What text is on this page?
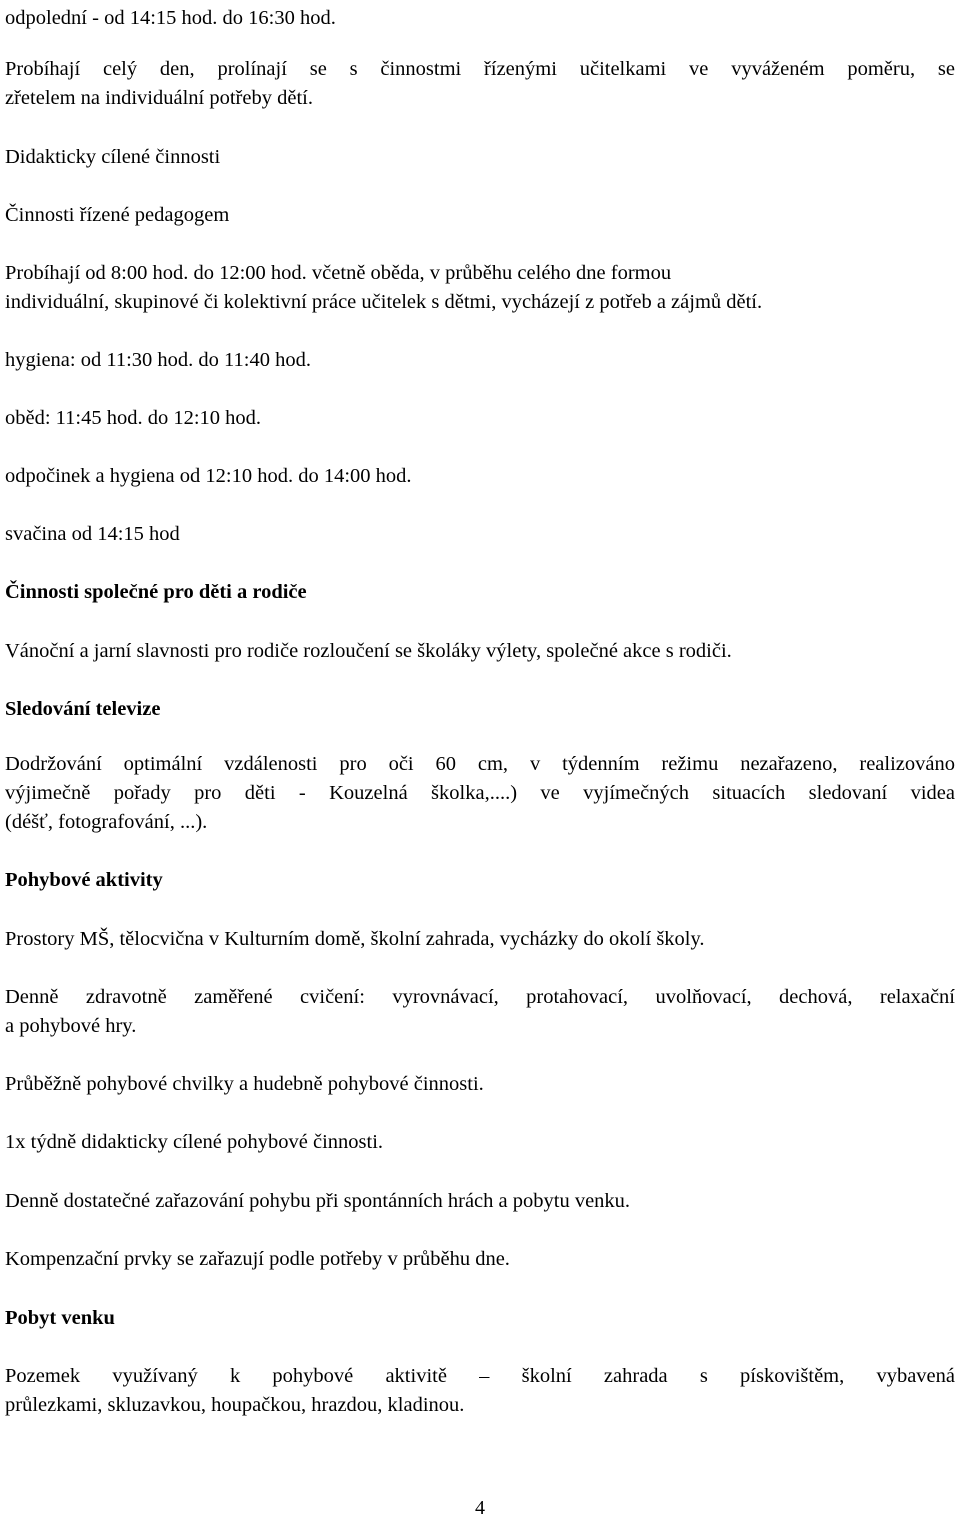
odpolední - od 14:15 hod. do 16:30 hod.

Probíhají celý den, prolínají se s činnostmi řízenými učitelkami ve vyváženém poměru, se

zřetelem na individuální potřeby dětí.

Didakticky cílené činnosti

Činnosti řízené pedagogem

Probíhají od 8:00 hod. do 12:00 hod. včetně oběda, v průběhu celého dne formou

individuální, skupinové či kolektivní práce učitelek s dětmi, vycházejí z potřeb a zájmů dětí.

hygiena: od 11:30 hod. do 11:40 hod.

oběd: 11:45 hod. do 12:10 hod.

odpočinek a hygiena od 12:10 hod. do 14:00 hod.

svačina od 14:15 hod

Činnosti společné pro děti a rodiče

Vánoční a jarní slavnosti pro rodiče rozloučení se školáky výlety, společné akce s rodiči.

Sledování televize

Dodržování optimální vzdálenosti pro oči 60 cm, v týdenním režimu nezařazeno, realizováno

výjimečně pořady pro děti - Kouzelná školka,....) ve vyjímečných situacích sledovaní videa

(déšť, fotografování, ...).

Pohybové aktivity

Prostory MŠ, tělocvična v Kulturním domě, školní zahrada, vycházky do okolí školy.

Denně zdravotně zaměřené cvičení: vyrovnávací, protahovací, uvolňovací, dechová, relaxační

a pohybové hry.

Průběžně pohybové chvilky a hudebně pohybové činnosti.

1x týdně didakticky cílené pohybové činnosti.

Denně dostatečné zařazování pohybu při spontánních hrách a pobytu venku.

Kompenzační prvky se zařazují podle potřeby v průběhu dne.

Pobyt venku

Pozemek využívaný k pohybové aktivitě – školní zahrada s pískovištěm, vybavená

průlezkami, skluzavkou, houpačkou, hrazdou, kladinou.

4
